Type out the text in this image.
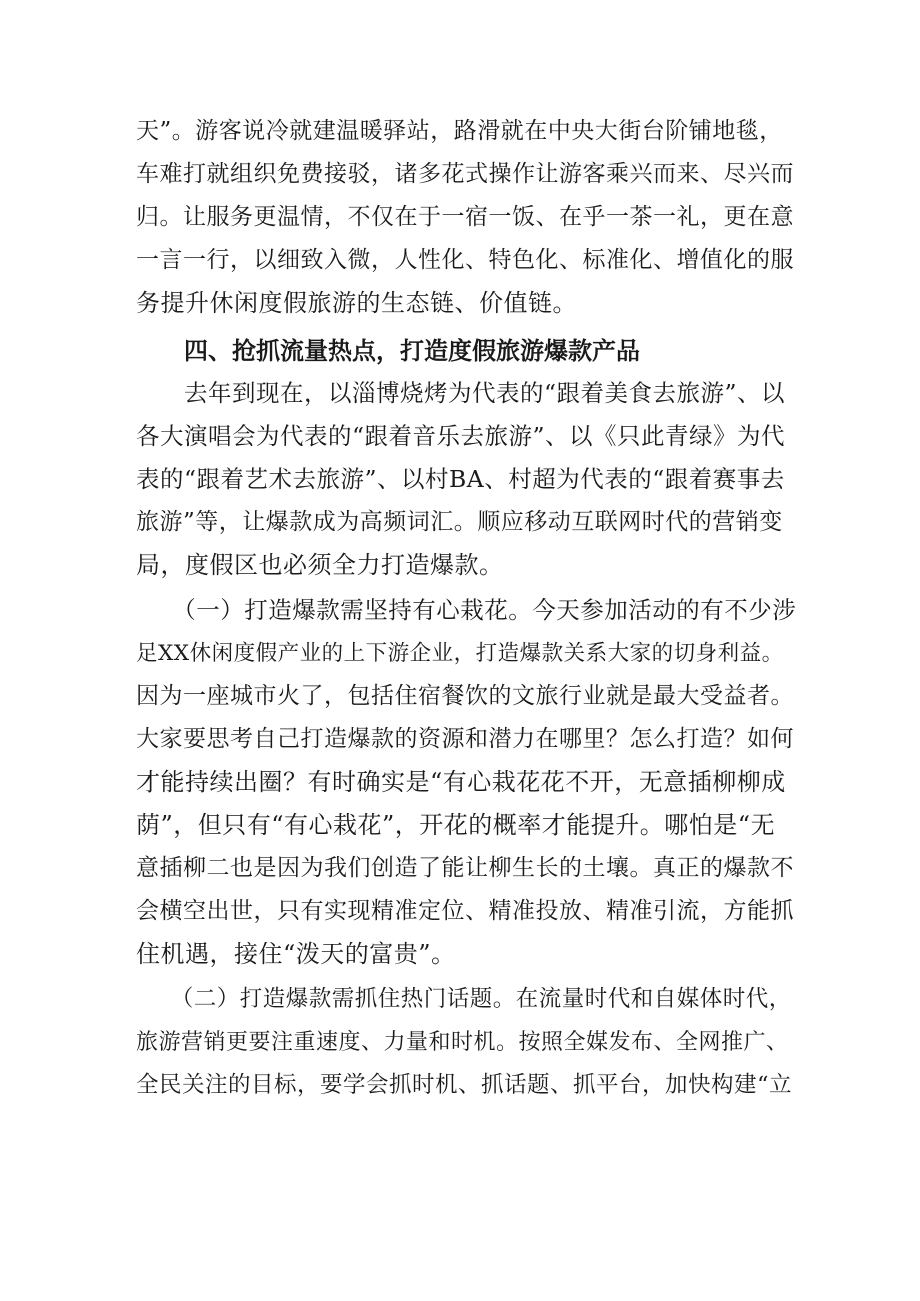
天”。游客说冷就建温暖驿站，路滑就在中央大街台阶铺地毯，
车难打就组织免费接驳，诸多花式操作让游客乘兴而来、尽兴而
归。让服务更温情，不仅在于一宿一饭、在乎一茶一礼，更在意
一言一行，以细致入微，人性化、特色化、标准化、增值化的服
务提升休闲度假旅游的生态链、价值链。
四、抢抓流量热点，打造度假旅游爆款产品
　　去年到现在，以淄博烧烤为代表的“跟着美食去旅游”、以
各大演唱会为代表的“跟着音乐去旅游”、以《只此青绿》为代
表的“跟着艺术去旅游”、以村BA、村超为代表的“跟着赛事去
旅游”等，让爆款成为高频词汇。顺应移动互联网时代的营销变
局，度假区也必须全力打造爆款。
　　（一）打造爆款需坚持有心栽花。今天参加活动的有不少涉
足XX休闲度假产业的上下游企业，打造爆款关系大家的切身利益。
因为一座城市火了，包括住宿餐饮的文旅行业就是最大受益者。
大家要思考自己打造爆款的资源和潜力在哪里？怎么打造？如何
才能持续出圈？有时确实是“有心栽花花不开，无意插柳柳成
荫”，但只有“有心栽花”，开花的概率才能提升。哪怕是“无
意插柳二也是因为我们创造了能让柳生长的土壤。真正的爆款不
会横空出世，只有实现精准定位、精准投放、精准引流，方能抓
住机遇，接住“泼天的富贵”。
　　（二）打造爆款需抓住热门话题。在流量时代和自媒体时代，
旅游营销更要注重速度、力量和时机。按照全媒发布、全网推广、
全民关注的目标，要学会抓时机、抓话题、抓平台，加快构建“立
